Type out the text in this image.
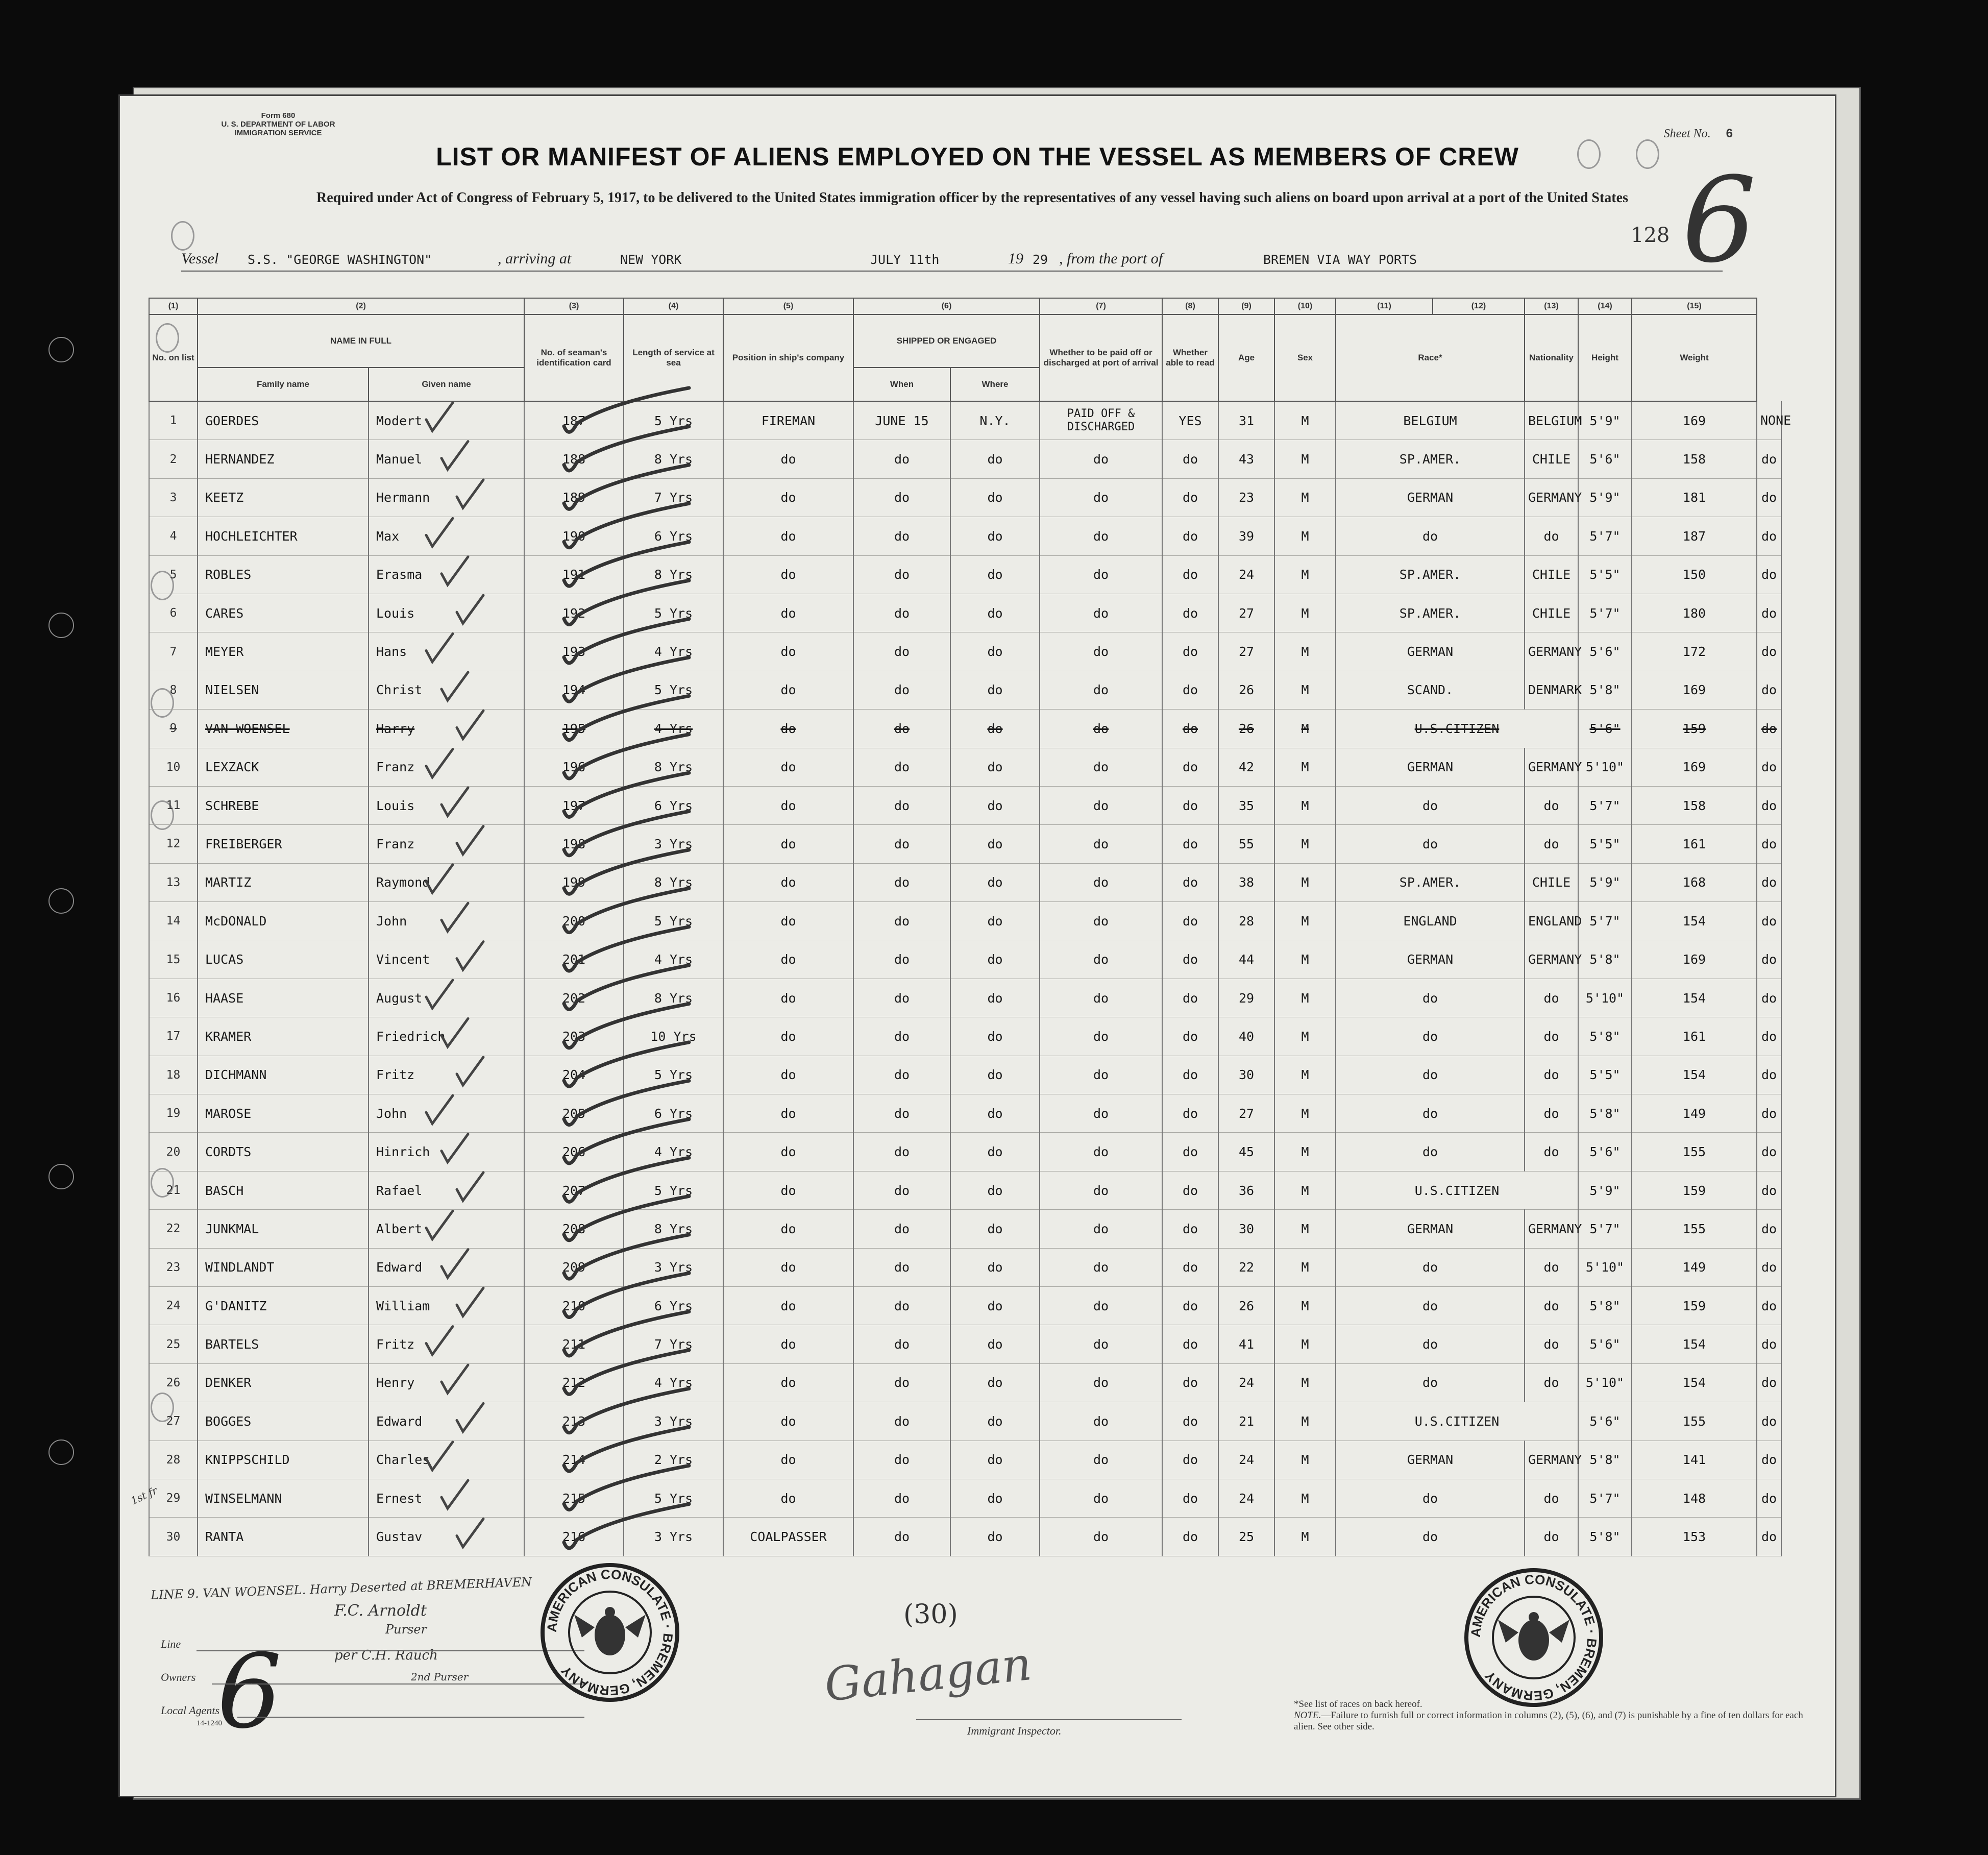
Form 680
U. S. DEPARTMENT OF LABOR
IMMIGRATION SERVICE	Sheet No. 6
LIST OR MANIFEST OF ALIENS EMPLOYED ON THE VESSEL AS MEMBERS OF CREW
Required under Act of Congress of February 5, 1917, to be delivered to the United States immigration officer by the representatives of any vessel having such aliens on board upon arrival at a port of the United States
128 6
Vessel S.S. "GEORGE WASHINGTON"	, arriving at	NEW YORK	JULY 11th	19 29 , from the port of	BREMEN VIA WAY PORTS
(1)	(2)		(3)	(4)	(5)	(6)		(7)	(8)	(9)	(10)	(11)	(12)	(13)	(14)	(15)	
No. on list	NAME IN FULL		No. of seaman's identification card	Length of service at sea	Position in ship's company	SHIPPED OR ENGAGED		Whether to be paid off or discharged at port of arrival	Whether able to read	Age	Sex	Race*		Nationality	Height	Weight	
	Family name	Given name				When	Where										
1	GOERDES	Modert	187	5 Yrs	FIREMAN	JUNE 15	N.Y.	PAID OFF & DISCHARGED	YES	31	M	BELGIUM		BELGIUM	5'9"	169	NONE
2	HERNANDEZ	Manuel	188	8 Yrs	do	do	do	do	do	43	M	SP.AMER.		CHILE	5'6"	158	do
3	KEETZ	Hermann	189	7 Yrs	do	do	do	do	do	23	M	GERMAN		GERMANY	5'9"	181	do
4	HOCHLEICHTER	Max	190	6 Yrs	do	do	do	do	do	39	M	do		do	5'7"	187	do
5	ROBLES	Erasma	191	8 Yrs	do	do	do	do	do	24	M	SP.AMER.		CHILE	5'5"	150	do
6	CARES	Louis	192	5 Yrs	do	do	do	do	do	27	M	SP.AMER.		CHILE	5'7"	180	do
7	MEYER	Hans	193	4 Yrs	do	do	do	do	do	27	M	GERMAN		GERMANY	5'6"	172	do
8	NIELSEN	Christ	194	5 Yrs	do	do	do	do	do	26	M	SCAND.		DENMARK	5'8"	169	do
9	VAN WOENSEL	Harry	195	4 Yrs	do	do	do	do	do	26	M	U.S.CITIZEN			5'6"	159	do
10	LEXZACK	Franz	196	8 Yrs	do	do	do	do	do	42	M	GERMAN		GERMANY	5'10"	169	do
11	SCHREBE	Louis	197	6 Yrs	do	do	do	do	do	35	M	do		do	5'7"	158	do
12	FREIBERGER	Franz	198	3 Yrs	do	do	do	do	do	55	M	do		do	5'5"	161	do
13	MARTIZ	Raymond	199	8 Yrs	do	do	do	do	do	38	M	SP.AMER.		CHILE	5'9"	168	do
14	McDONALD	John	200	5 Yrs	do	do	do	do	do	28	M	ENGLAND		ENGLAND	5'7"	154	do
15	LUCAS	Vincent	201	4 Yrs	do	do	do	do	do	44	M	GERMAN		GERMANY	5'8"	169	do
16	HAASE	August	202	8 Yrs	do	do	do	do	do	29	M	do		do	5'10"	154	do
17	KRAMER	Friedrich	203	10 Yrs	do	do	do	do	do	40	M	do		do	5'8"	161	do
18	DICHMANN	Fritz	204	5 Yrs	do	do	do	do	do	30	M	do		do	5'5"	154	do
19	MAROSE	John	205	6 Yrs	do	do	do	do	do	27	M	do		do	5'8"	149	do
20	CORDTS	Hinrich	206	4 Yrs	do	do	do	do	do	45	M	do		do	5'6"	155	do
21	BASCH	Rafael	207	5 Yrs	do	do	do	do	do	36	M	U.S.CITIZEN			5'9"	159	do
22	JUNKMAL	Albert	208	8 Yrs	do	do	do	do	do	30	M	GERMAN		GERMANY	5'7"	155	do
23	WINDLANDT	Edward	209	3 Yrs	do	do	do	do	do	22	M	do		do	5'10"	149	do
24	G'DANITZ	William	210	6 Yrs	do	do	do	do	do	26	M	do		do	5'8"	159	do
25	BARTELS	Fritz	211	7 Yrs	do	do	do	do	do	41	M	do		do	5'6"	154	do
26	DENKER	Henry	212	4 Yrs	do	do	do	do	do	24	M	do		do	5'10"	154	do
27	BOGGES	Edward	213	3 Yrs	do	do	do	do	do	21	M	U.S.CITIZEN			5'6"	155	do
28	KNIPPSCHILD	Charles	214	2 Yrs	do	do	do	do	do	24	M	GERMAN		GERMANY	5'8"	141	do
29	WINSELMANN	Ernest	215	5 Yrs	do	do	do	do	do	24	M	do		do	5'7"	148	do
30	RANTA	Gustav	216	3 Yrs	COALPASSER	do	do	do	do	25	M	do		do	5'8"	153	do
LINE 9. VAN WOENSEL. Harry Deserted at BREMERHAVEN
F.C. Arnoldt
Purser
per C.H. Rauch
2nd Purser
1st fr
(30)
Gahagan
6
Line
Owners
Local Agents
14-1240
Immigrant Inspector.
*See list of races on back hereof.
NOTE.—Failure to furnish full or correct information in columns (2), (5), (6), and (7) is punishable by a fine of ten dollars for each alien. See other side.
AMERICAN CONSULATE · BREMEN, GERMANY
AMERICAN CONSULATE · BREMEN, GERMANY
